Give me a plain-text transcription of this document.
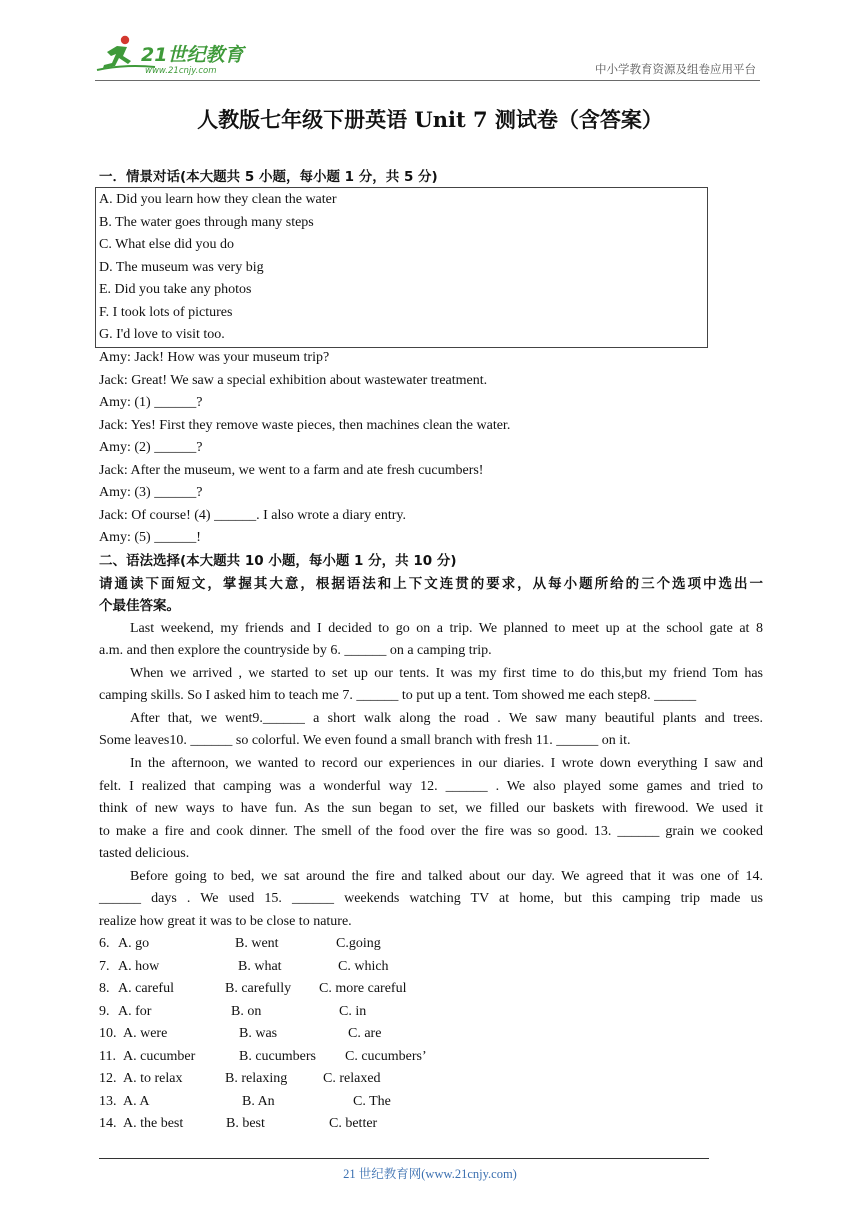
21世纪教育
www.21cnjy.com	中小学教育资源及组卷应用平台
人教版七年级下册英语 Unit 7 测试卷（含答案）
一．情景对话(本大题共 5 小题，每小题 1 分，共 5 分)
A. Did you learn how they clean the water
B. The water goes through many steps
C. What else did you do
D. The museum was very big
E. Did you take any photos
F. I took lots of pictures
G. I'd love to visit too.
Amy: Jack! How was your museum trip?
Jack: Great! We saw a special exhibition about wastewater treatment.
Amy: (1) ______?
Jack: Yes! First they remove waste pieces, then machines clean the water.
Amy: (2) ______?
Jack: After the museum, we went to a farm and ate fresh cucumbers!
Amy: (3) ______?
Jack: Of course! (4) ______. I also wrote a diary entry.
Amy: (5) ______!
二、语法选择(本大题共 10 小题，每小题 1 分，共 10 分)
请通读下面短文，掌握其大意，根据语法和上下文连贯的要求，从每小题所给的三个选项中选出一
个最佳答案。
Last weekend, my friends and I decided to go on a trip. We planned to meet up at the school gate at 8
a.m. and then explore the countryside by 6. ______ on a camping trip.
When we arrived , we started to set up our tents. It was my first time to do this,but my friend Tom has
camping skills. So I asked him to teach me 7. ______ to put up a tent. Tom showed me each step8. ______
After that, we went9.______ a short walk along the road . We saw many beautiful plants and trees.
Some leaves10. ______ so colorful. We even found a small branch with fresh 11. ______ on it.
In the afternoon, we wanted to record our experiences in our diaries. I wrote down everything I saw and
felt. I realized that camping was a wonderful way 12. ______ . We also played some games and tried to
think of new ways to have fun. As the sun began to set, we filled our baskets with firewood. We used it
to make a fire and cook dinner. The smell of the food over the fire was so good. 13. ______ grain we cooked
tasted delicious.
Before going to bed, we sat around the fire and talked about our day. We agreed that it was one of 14.
______ days . We used 15. ______ weekends watching TV at home, but this camping trip made us
realize how great it was to be close to nature.
6. A. go	B. went	C.going
7. A. how	B. what	C. which
8. A. careful	B. carefully C. more careful
9. A. for	B. on	C. in
10. A. were	B. was	C. are
11. A. cucumber	B. cucumbers C. cucumbers’
12. A. to relax	B. relaxing	C. relaxed
13. A. A	B. An	C. The
14. A. the best	B. best	C. better
21 世纪教育网(www.21cnjy.com)
